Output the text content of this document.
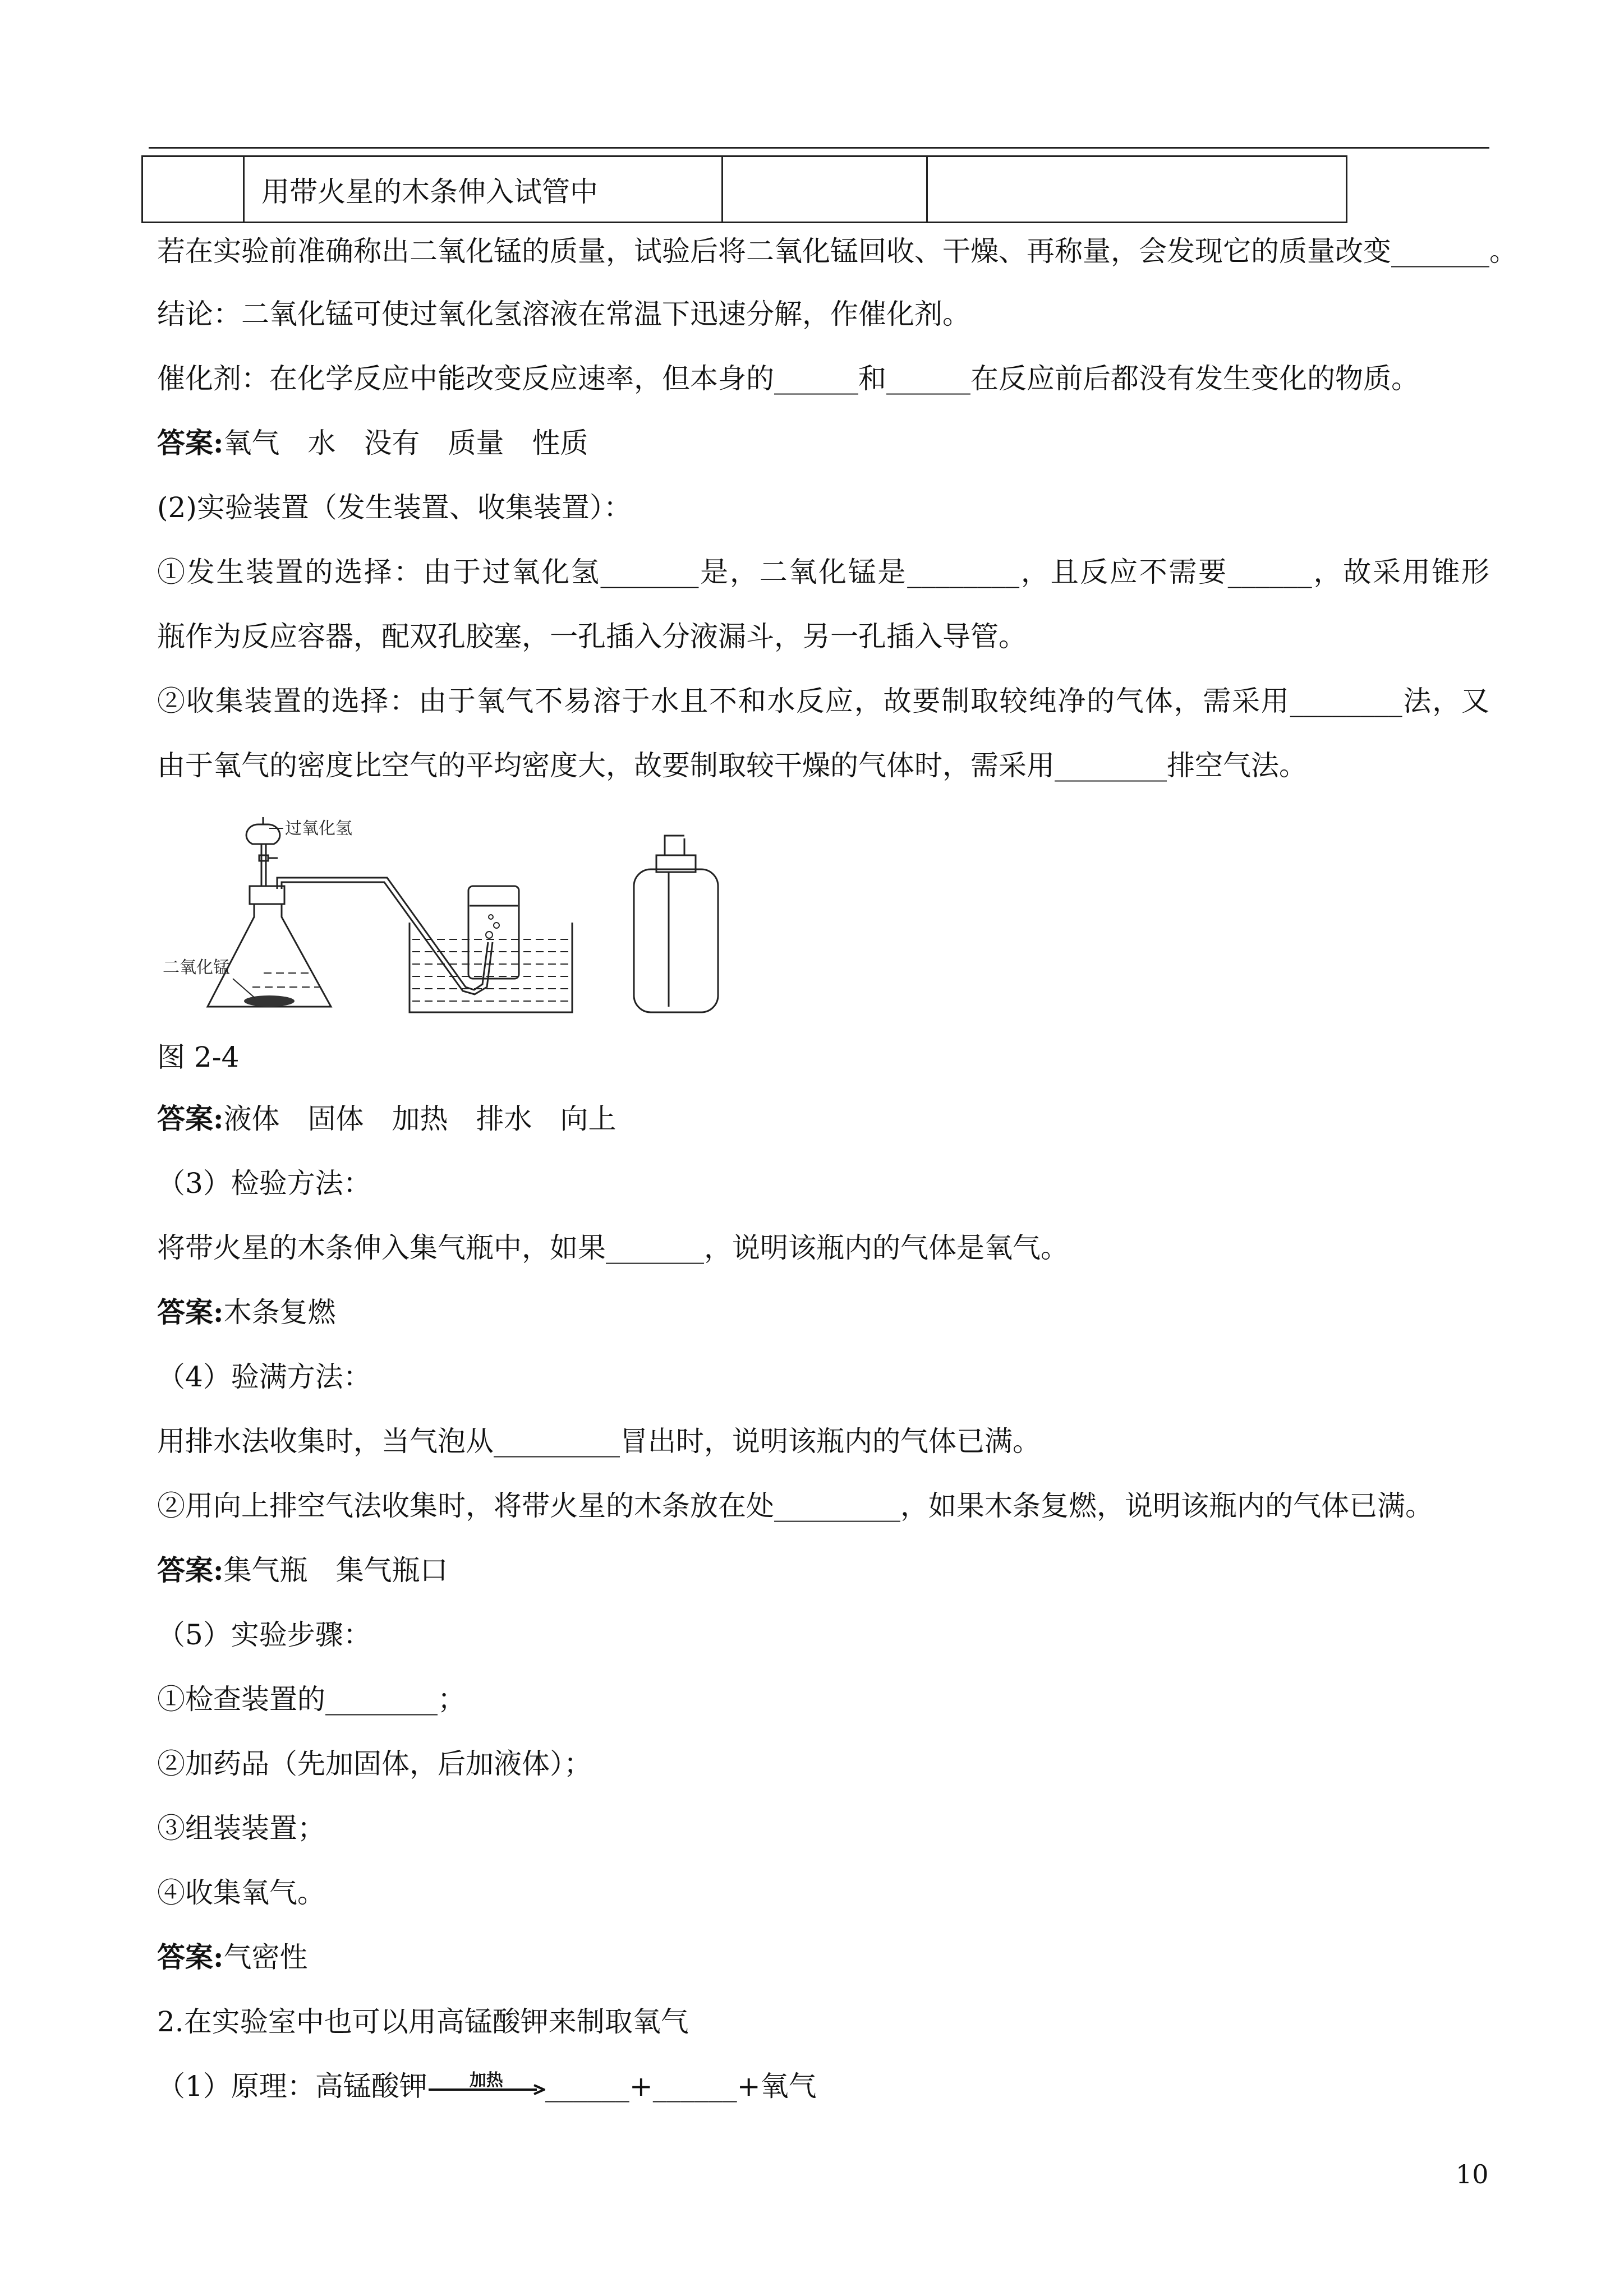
	用带火星的木条伸入试管中		
若在实验前准确称出二氧化锰的质量，试验后将二氧化锰回收、干燥、再称量，会发现它的质量改变_______。
结论：二氧化锰可使过氧化氢溶液在常温下迅速分解，作催化剂。
催化剂：在化学反应中能改变反应速率，但本身的______和______在反应前后都没有发生变化的物质。
答案:氧气　水　没有　质量　性质
(2)实验装置（发生装置、收集装置）：
①发生装置的选择：由于过氧化氢_______是，二氧化锰是________，且反应不需要______，故采用锥形
瓶作为反应容器，配双孔胶塞，一孔插入分液漏斗，另一孔插入导管。
②收集装置的选择：由于氧气不易溶于水且不和水反应，故要制取较纯净的气体，需采用________法，又
由于氧气的密度比空气的平均密度大，故要制取较干燥的气体时，需采用________排空气法。
过氧化氢
二氧化锰
图 2-4
答案:液体　固体　加热　排水　向上
（3）检验方法：
将带火星的木条伸入集气瓶中，如果_______，说明该瓶内的气体是氧气。
答案:木条复燃
（4）验满方法：
用排水法收集时，当气泡从_________冒出时，说明该瓶内的气体已满。
②用向上排空气法收集时，将带火星的木条放在处_________，如果木条复燃，说明该瓶内的气体已满。
答案:集气瓶　集气瓶口
（5）实验步骤：
①检查装置的________；
②加药品（先加固体，后加液体）；
③组装装置；
④收集氧气。
答案:气密性
2.在实验室中也可以用高锰酸钾来制取氧气
（1）原理：高锰酸钾	加热	______+______+氧气
10
